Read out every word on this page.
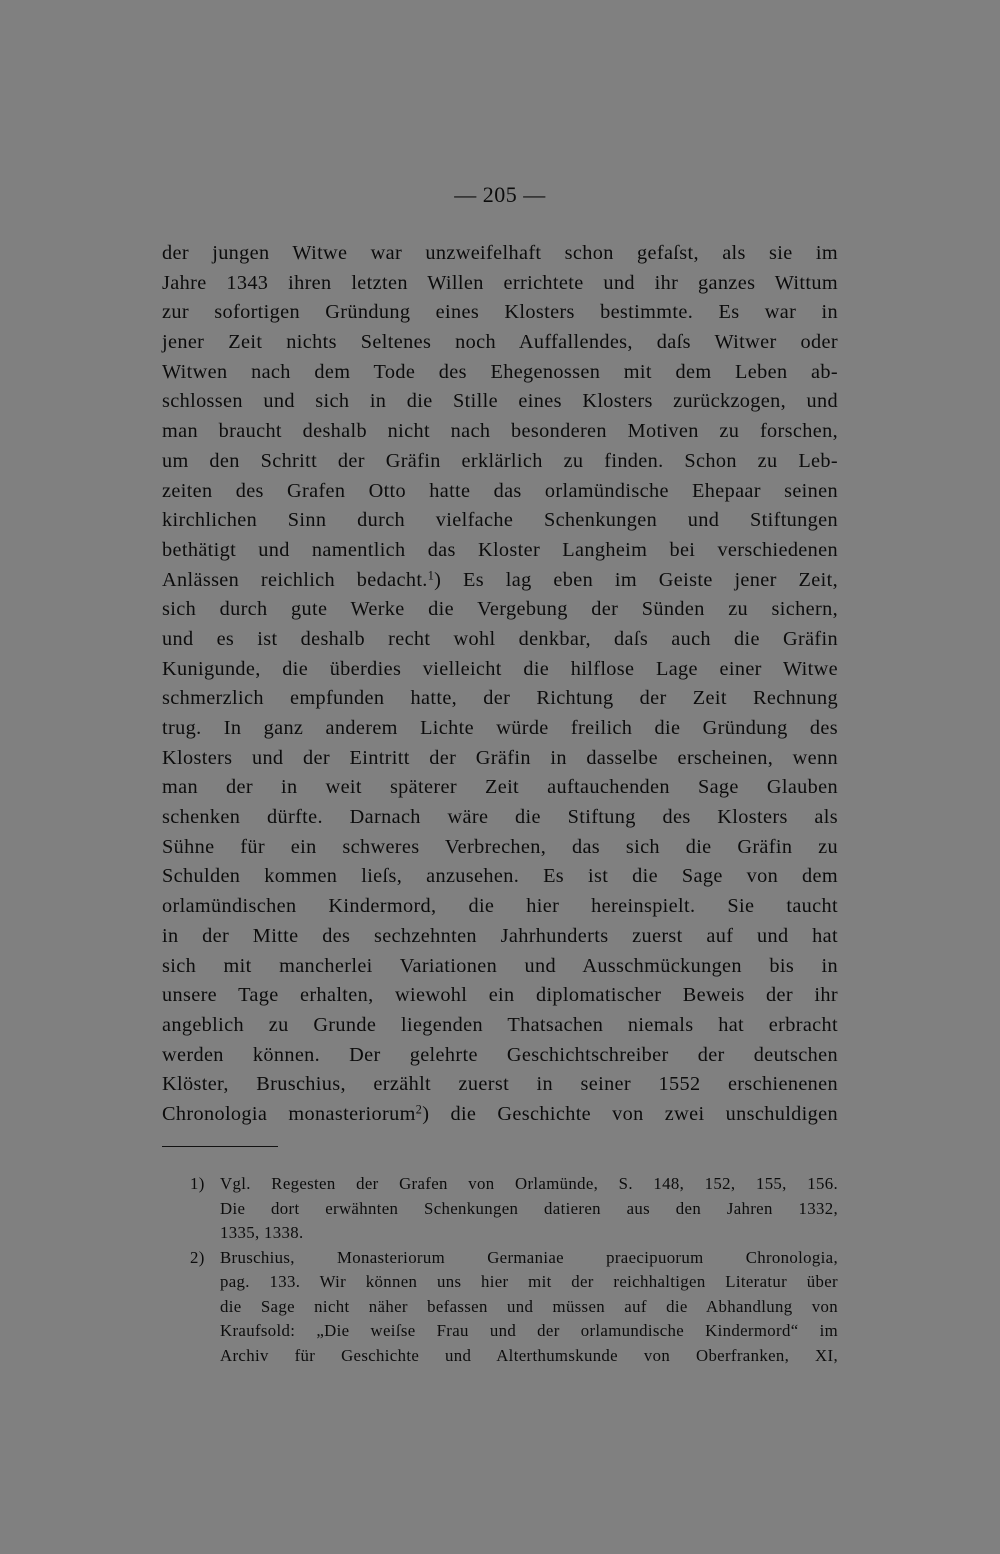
— 205 —
der jungen Witwe war unzweifelhaft schon gefaſst, als sie im
Jahre 1343 ihren letzten Willen errichtete und ihr ganzes Wittum
zur sofortigen Gründung eines Klosters bestimmte. Es war in
jener Zeit nichts Seltenes noch Auffallendes, daſs Witwer oder
Witwen nach dem Tode des Ehegenossen mit dem Leben ab-
schlossen und sich in die Stille eines Klosters zurückzogen, und
man braucht deshalb nicht nach besonderen Motiven zu forschen,
um den Schritt der Gräfin erklärlich zu finden. Schon zu Leb-
zeiten des Grafen Otto hatte das orlamündische Ehepaar seinen
kirchlichen Sinn durch vielfache Schenkungen und Stiftungen
bethätigt und namentlich das Kloster Langheim bei verschiedenen
Anlässen reichlich bedacht.$^1$) Es lag eben im Geiste jener Zeit,
sich durch gute Werke die Vergebung der Sünden zu sichern,
und es ist deshalb recht wohl denkbar, daſs auch die Gräfin
Kunigunde, die überdies vielleicht die hilflose Lage einer Witwe
schmerzlich empfunden hatte, der Richtung der Zeit Rechnung
trug. In ganz anderem Lichte würde freilich die Gründung des
Klosters und der Eintritt der Gräfin in dasselbe erscheinen, wenn
man der in weit späterer Zeit auftauchenden Sage Glauben
schenken dürfte. Darnach wäre die Stiftung des Klosters als
Sühne für ein schweres Verbrechen, das sich die Gräfin zu
Schulden kommen lieſs, anzusehen. Es ist die Sage von dem
orlamündischen Kindermord, die hier hereinspielt. Sie taucht
in der Mitte des sechzehnten Jahrhunderts zuerst auf und hat
sich mit mancherlei Variationen und Ausschmückungen bis in
unsere Tage erhalten, wiewohl ein diplomatischer Beweis der ihr
angeblich zu Grunde liegenden Thatsachen niemals hat erbracht
werden können. Der gelehrte Geschichtschreiber der deutschen
Klöster, Bruschius, erzählt zuerst in seiner 1552 erschienenen
Chronologia monasteriorum$^2$) die Geschichte von zwei unschuldigen
1) Vgl. Regesten der Grafen von Orlamünde, S. 148, 152, 155, 156.
Die dort erwähnten Schenkungen datieren aus den Jahren 1332,
1335, 1338.
2) Bruschius, Monasteriorum Germaniae praecipuorum Chronologia,
pag. 133. Wir können uns hier mit der reichhaltigen Literatur über
die Sage nicht näher befassen und müssen auf die Abhandlung von
Kraufsold: „Die weiſse Frau und der orlamundische Kindermord“ im
Archiv für Geschichte und Alterthumskunde von Oberfranken, XI,
